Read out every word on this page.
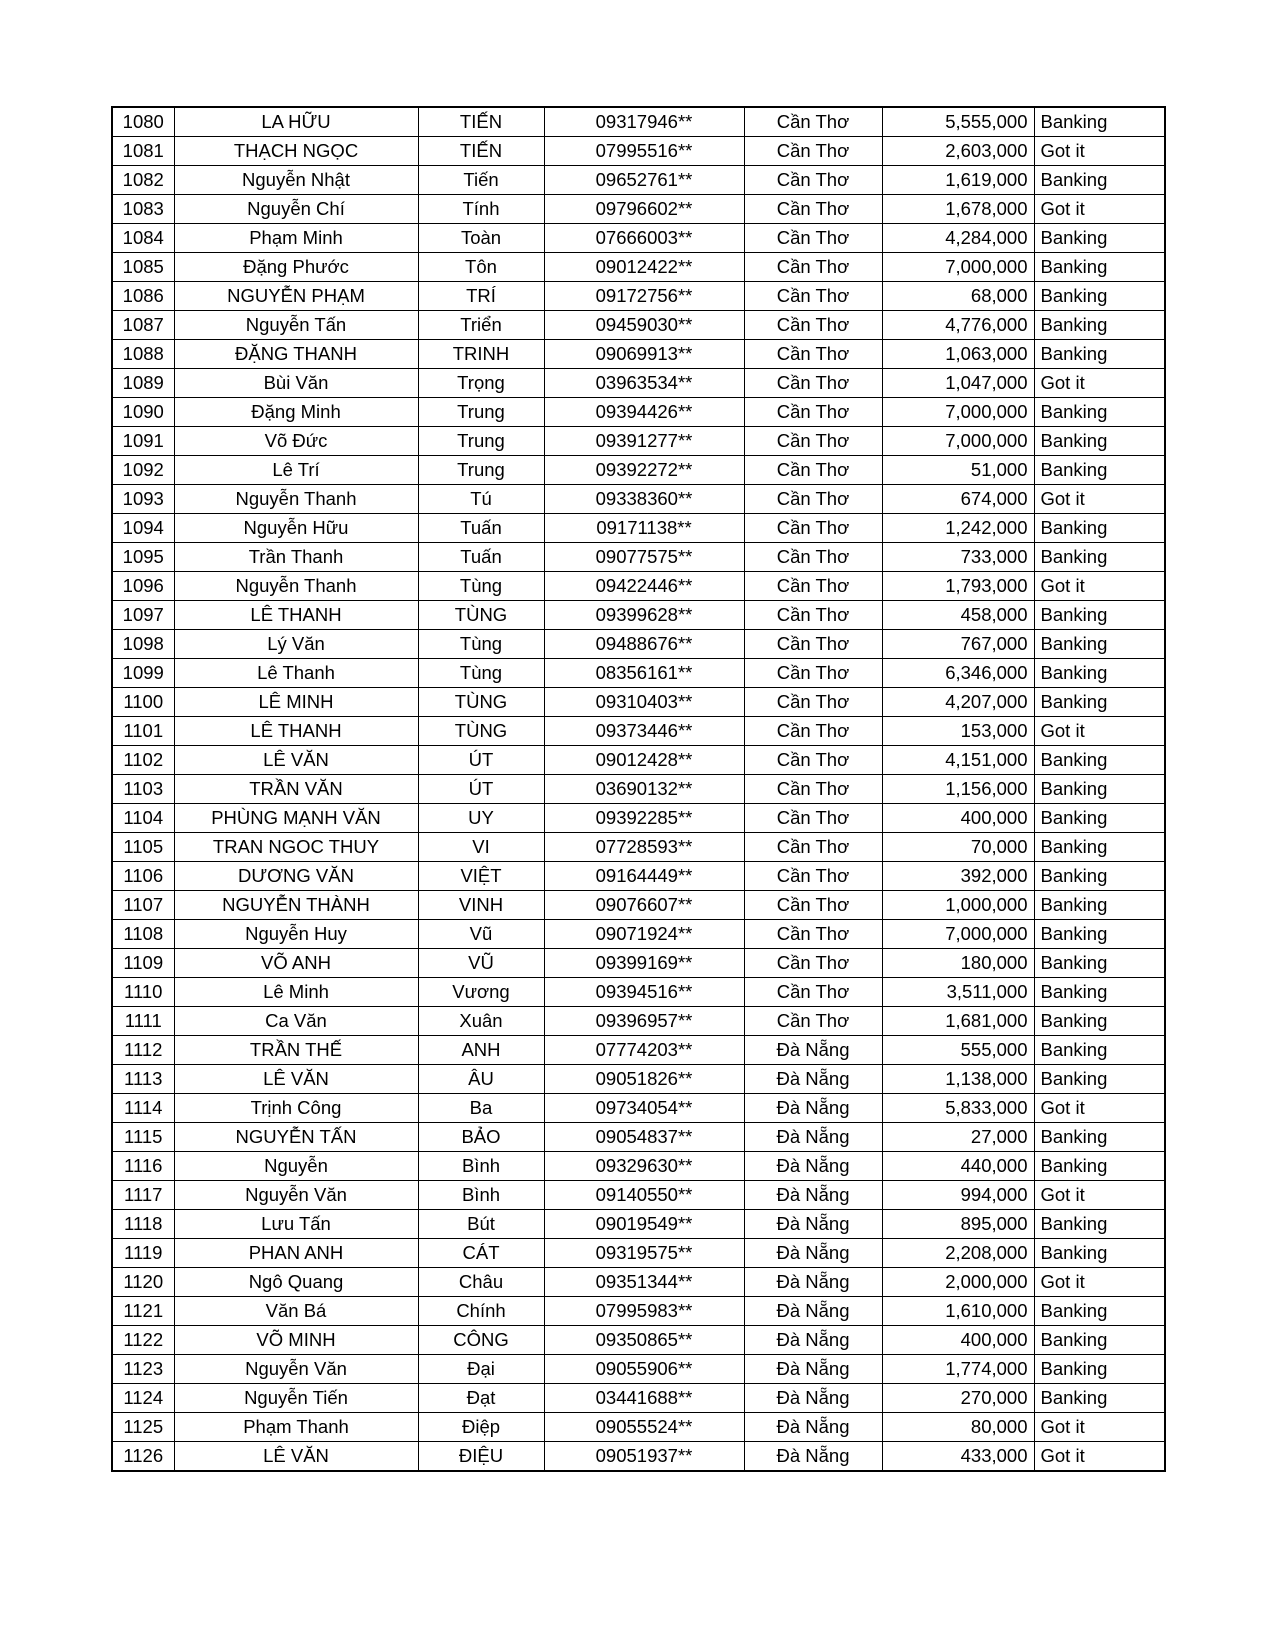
1080	LA HỮU	TIẾN	09317946**	Cần Thơ	5,555,000	Banking
1081	THẠCH NGỌC	TIẾN	07995516**	Cần Thơ	2,603,000	Got it
1082	Nguyễn Nhật	Tiến	09652761**	Cần Thơ	1,619,000	Banking
1083	Nguyễn Chí	Tính	09796602**	Cần Thơ	1,678,000	Got it
1084	Phạm Minh	Toàn	07666003**	Cần Thơ	4,284,000	Banking
1085	Đặng Phước	Tôn	09012422**	Cần Thơ	7,000,000	Banking
1086	NGUYỄN PHẠM	TRÍ	09172756**	Cần Thơ	68,000	Banking
1087	Nguyễn Tấn	Triển	09459030**	Cần Thơ	4,776,000	Banking
1088	ĐẶNG THANH	TRINH	09069913**	Cần Thơ	1,063,000	Banking
1089	Bùi Văn	Trọng	03963534**	Cần Thơ	1,047,000	Got it
1090	Đặng Minh	Trung	09394426**	Cần Thơ	7,000,000	Banking
1091	Võ Đức	Trung	09391277**	Cần Thơ	7,000,000	Banking
1092	Lê Trí	Trung	09392272**	Cần Thơ	51,000	Banking
1093	Nguyễn Thanh	Tú	09338360**	Cần Thơ	674,000	Got it
1094	Nguyễn Hữu	Tuấn	09171138**	Cần Thơ	1,242,000	Banking
1095	Trần Thanh	Tuấn	09077575**	Cần Thơ	733,000	Banking
1096	Nguyễn Thanh	Tùng	09422446**	Cần Thơ	1,793,000	Got it
1097	LÊ THANH	TÙNG	09399628**	Cần Thơ	458,000	Banking
1098	Lý Văn	Tùng	09488676**	Cần Thơ	767,000	Banking
1099	Lê Thanh	Tùng	08356161**	Cần Thơ	6,346,000	Banking
1100	LÊ MINH	TÙNG	09310403**	Cần Thơ	4,207,000	Banking
1101	LÊ THANH	TÙNG	09373446**	Cần Thơ	153,000	Got it
1102	LÊ VĂN	ÚT	09012428**	Cần Thơ	4,151,000	Banking
1103	TRẦN VĂN	ÚT	03690132**	Cần Thơ	1,156,000	Banking
1104	PHÙNG MẠNH VĂN	UY	09392285**	Cần Thơ	400,000	Banking
1105	TRAN NGOC THUY	VI	07728593**	Cần Thơ	70,000	Banking
1106	DƯƠNG VĂN	VIỆT	09164449**	Cần Thơ	392,000	Banking
1107	NGUYỄN THÀNH	VINH	09076607**	Cần Thơ	1,000,000	Banking
1108	Nguyễn Huy	Vũ	09071924**	Cần Thơ	7,000,000	Banking
1109	VÕ ANH	VŨ	09399169**	Cần Thơ	180,000	Banking
1110	Lê Minh	Vương	09394516**	Cần Thơ	3,511,000	Banking
1111	Ca Văn	Xuân	09396957**	Cần Thơ	1,681,000	Banking
1112	TRẦN THẾ	ANH	07774203**	Đà Nẵng	555,000	Banking
1113	LÊ VĂN	ÂU	09051826**	Đà Nẵng	1,138,000	Banking
1114	Trịnh Công	Ba	09734054**	Đà Nẵng	5,833,000	Got it
1115	NGUYỄN TẤN	BẢO	09054837**	Đà Nẵng	27,000	Banking
1116	Nguyễn	Bình	09329630**	Đà Nẵng	440,000	Banking
1117	Nguyễn Văn	Bình	09140550**	Đà Nẵng	994,000	Got it
1118	Lưu Tấn	Bút	09019549**	Đà Nẵng	895,000	Banking
1119	PHAN ANH	CÁT	09319575**	Đà Nẵng	2,208,000	Banking
1120	Ngô Quang	Châu	09351344**	Đà Nẵng	2,000,000	Got it
1121	Văn Bá	Chính	07995983**	Đà Nẵng	1,610,000	Banking
1122	VÕ MINH	CÔNG	09350865**	Đà Nẵng	400,000	Banking
1123	Nguyễn Văn	Đại	09055906**	Đà Nẵng	1,774,000	Banking
1124	Nguyễn Tiến	Đạt	03441688**	Đà Nẵng	270,000	Banking
1125	Phạm Thanh	Điệp	09055524**	Đà Nẵng	80,000	Got it
1126	LÊ VĂN	ĐIỆU	09051937**	Đà Nẵng	433,000	Got it
